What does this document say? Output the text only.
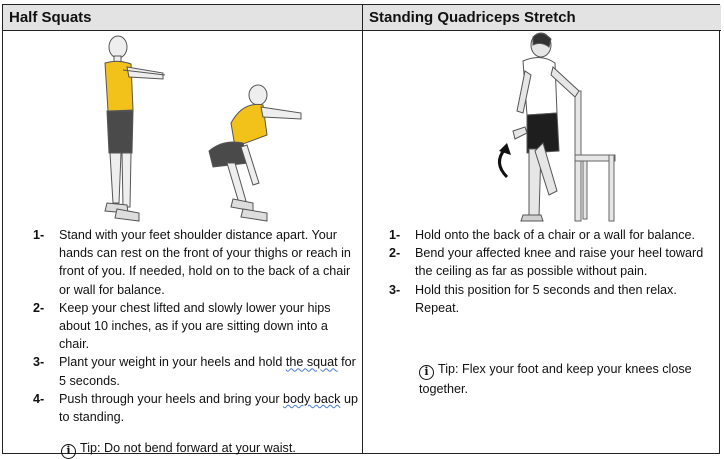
Half Squats
1- Stand with your feet shoulder distance apart. Your hands can rest on the front of your thighs or reach in front of you. If needed, hold on to the back of a chair or wall for balance.
2- Keep your chest lifted and slowly lower your hips about 10 inches, as if you are sitting down into a chair.
3- Plant your weight in your heels and hold the squat for 5 seconds.
4- Push through your heels and bring your body back up to standing.
i Tip: Do not bend forward at your waist.
Standing Quadriceps Stretch
1- Hold onto the back of a chair or a wall for balance.
2- Bend your affected knee and raise your heel toward the ceiling as far as possible without pain.
3- Hold this position for 5 seconds and then relax. Repeat.
i Tip: Flex your foot and keep your knees close together.
